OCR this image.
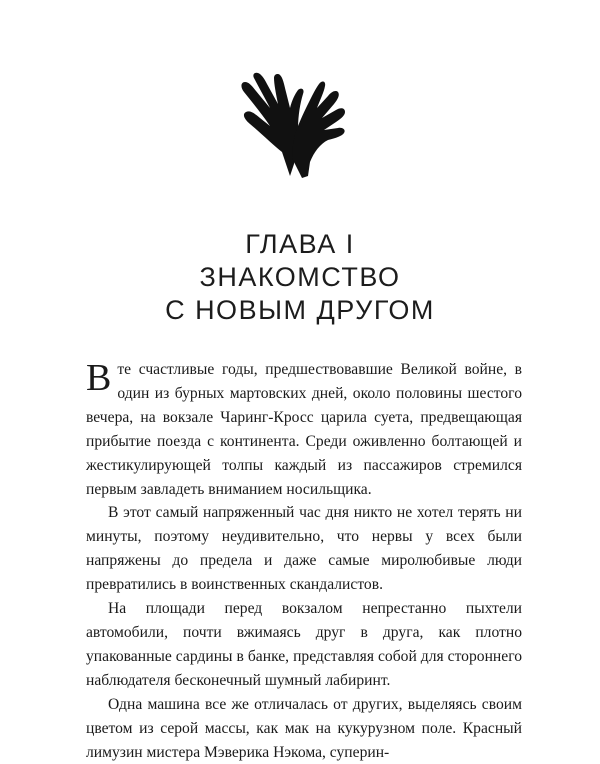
ГЛАВА I
ЗНАКОМСТВО
С НОВЫМ ДРУГОМ

В те счастливые годы, предшествовавшие Великой войне, в один из бурных мартовских дней, около половины шестого вечера, на вокзале Чаринг-Кросс царила суета, предвещающая прибытие поезда с континента. Среди оживленно болтающей и жестикулирующей толпы каждый из пассажиров стремился первым завладеть вниманием носильщика.

В этот самый напряженный час дня никто не хотел терять ни минуты, поэтому неудивительно, что нервы у всех были напряжены до предела и даже самые миролюбивые люди превратились в воинственных скандалистов.

На площади перед вокзалом непрестанно пыхтели автомобили, почти вжимаясь друг в друга, как плотно упакованные сардины в банке, представляя собой для стороннего наблюдателя бесконечный шумный лабиринт.

Одна машина все же отличалась от других, выделяясь своим цветом из серой массы, как мак на кукурузном поле. Красный лимузин мистера Мэверика Нэкома, суперин-
